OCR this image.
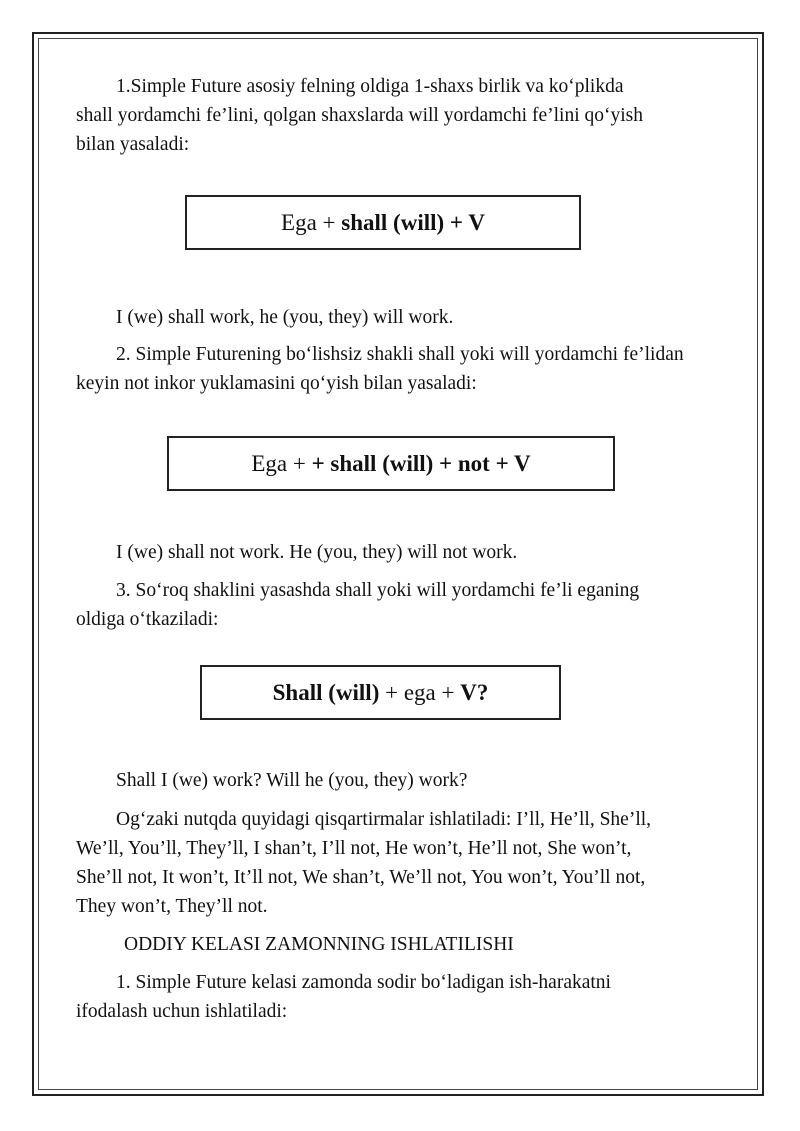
1.Simple Future asosiy felning oldiga 1-shaxs birlik va ko‘plikda
shall yordamchi fe’lini, qolgan shaxslarda will yordamchi fe’lini qo‘yish
bilan yasaladi:
Ega + shall (will) + V
I (we) shall work, he (you, they) will work.
2. Simple Futurening bo‘lishsiz shakli shall yoki will yordamchi fe’lidan
keyin not inkor yuklamasini qo‘yish bilan yasaladi:
Ega + + shall (will) + not + V
I (we) shall not work. He (you, they) will not work.
3. So‘roq shaklini yasashda shall yoki will yordamchi fe’li eganing
oldiga o‘tkaziladi:
Shall (will) + ega + V?
Shall I (we) work? Will he (you, they) work?
Og‘zaki nutqda quyidagi qisqartirmalar ishlatiladi: I’ll, He’ll, She’ll,
We’ll, You’ll, They’ll, I shan’t, I’ll not, He won’t, He’ll not, She won’t,
She’ll not, It won’t, It’ll not, We shan’t, We’ll not, You won’t, You’ll not,
They won’t, They’ll not.
ODDIY KELASI ZAMONNING ISHLATILISHI
1. Simple Future kelasi zamonda sodir bo‘ladigan ish-harakatni
ifodalash uchun ishlatiladi:
